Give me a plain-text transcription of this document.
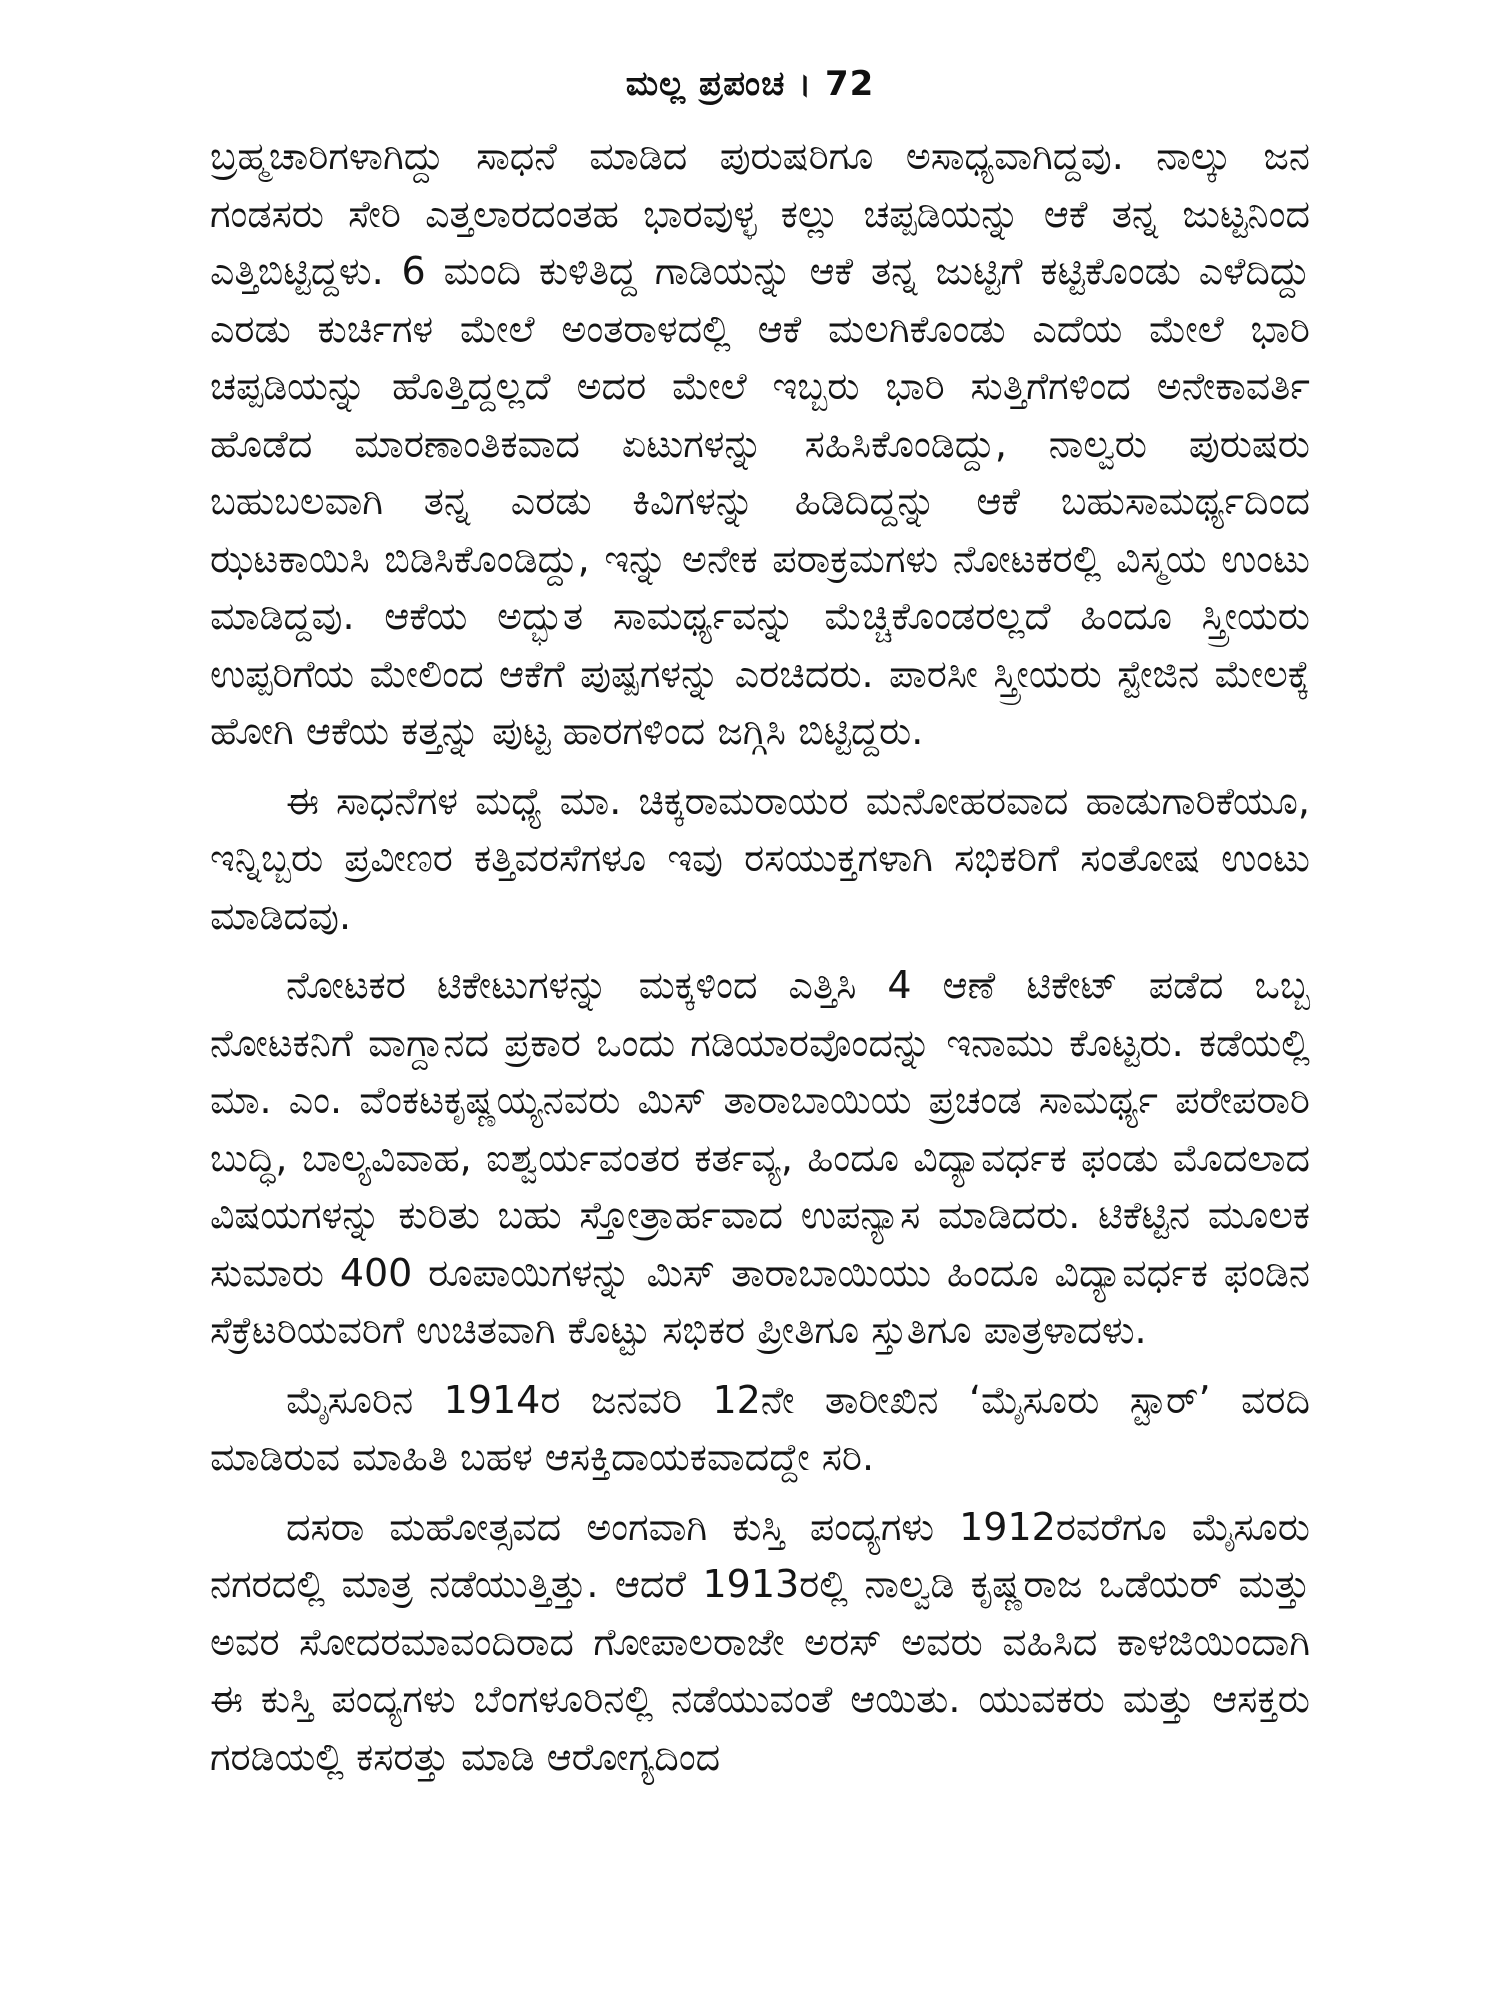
ಮಲ್ಲ ಪ್ರಪಂಚ । 72

ಬ್ರಹ್ಮಚಾರಿಗಳಾಗಿದ್ದು ಸಾಧನೆ ಮಾಡಿದ ಪುರುಷರಿಗೂ ಅಸಾಧ್ಯವಾಗಿದ್ದವು. ನಾಲ್ಕು ಜನ ಗಂಡಸರು ಸೇರಿ ಎತ್ತಲಾರದಂತಹ ಭಾರವುಳ್ಳ ಕಲ್ಲು ಚಪ್ಪಡಿಯನ್ನು ಆಕೆ ತನ್ನ ಜುಟ್ಟನಿಂದ ಎತ್ತಿಬಿಟ್ಟಿದ್ದಳು. 6 ಮಂದಿ ಕುಳಿತಿದ್ದ ಗಾಡಿಯನ್ನು ಆಕೆ ತನ್ನ ಜುಟ್ಟಿಗೆ ಕಟ್ಟಿಕೊಂಡು ಎಳೆದಿದ್ದು ಎರಡು ಕುರ್ಚಿಗಳ ಮೇಲೆ ಅಂತರಾಳದಲ್ಲಿ ಆಕೆ ಮಲಗಿಕೊಂಡು ಎದೆಯ ಮೇಲೆ ಭಾರಿ ಚಪ್ಪಡಿಯನ್ನು ಹೊತ್ತಿದ್ದಲ್ಲದೆ ಅದರ ಮೇಲೆ ಇಬ್ಬರು ಭಾರಿ ಸುತ್ತಿಗೆಗಳಿಂದ ಅನೇಕಾವರ್ತಿ ಹೊಡೆದ ಮಾರಣಾಂತಿಕವಾದ ಏಟುಗಳನ್ನು ಸಹಿಸಿಕೊಂಡಿದ್ದು, ನಾಲ್ವರು ಪುರುಷರು ಬಹುಬಲವಾಗಿ ತನ್ನ ಎರಡು ಕಿವಿಗಳನ್ನು ಹಿಡಿದಿದ್ದನ್ನು ಆಕೆ ಬಹುಸಾಮರ್ಥ್ಯದಿಂದ ಝಟಕಾಯಿಸಿ ಬಿಡಿಸಿಕೊಂಡಿದ್ದು, ಇನ್ನು ಅನೇಕ ಪರಾಕ್ರಮಗಳು ನೋಟಕರಲ್ಲಿ ವಿಸ್ಮಯ ಉಂಟು ಮಾಡಿದ್ದವು. ಆಕೆಯ ಅದ್ಭುತ ಸಾಮರ್ಥ್ಯವನ್ನು ಮೆಚ್ಚಿಕೊಂಡರಲ್ಲದೆ ಹಿಂದೂ ಸ್ತ್ರೀಯರು ಉಪ್ಪರಿಗೆಯ ಮೇಲಿಂದ ಆಕೆಗೆ ಪುಷ್ಪಗಳನ್ನು ಎರಚಿದರು. ಪಾರಸೀ ಸ್ತ್ರೀಯರು ಸ್ಟೇಜಿನ ಮೇಲಕ್ಕೆ ಹೋಗಿ ಆಕೆಯ ಕತ್ತನ್ನು ಪುಟ್ಟ ಹಾರಗಳಿಂದ ಜಗ್ಗಿಸಿ ಬಿಟ್ಟಿದ್ದರು.

ಈ ಸಾಧನೆಗಳ ಮಧ್ಯೆ ಮಾ. ಚಿಕ್ಕರಾಮರಾಯರ ಮನೋಹರವಾದ ಹಾಡುಗಾರಿಕೆಯೂ, ಇನ್ನಿಬ್ಬರು ಪ್ರವೀಣರ ಕತ್ತಿವರಸೆಗಳೂ ಇವು ರಸಯುಕ್ತಗಳಾಗಿ ಸಭಿಕರಿಗೆ ಸಂತೋಷ ಉಂಟು ಮಾಡಿದವು.

ನೋಟಕರ ಟಿಕೇಟುಗಳನ್ನು ಮಕ್ಕಳಿಂದ ಎತ್ತಿಸಿ 4 ಆಣೆ ಟಿಕೇಟ್ ಪಡೆದ ಒಬ್ಬ ನೋಟಕನಿಗೆ ವಾಗ್ದಾನದ ಪ್ರಕಾರ ಒಂದು ಗಡಿಯಾರವೊಂದನ್ನು ಇನಾಮು ಕೊಟ್ಟರು. ಕಡೆಯಲ್ಲಿ ಮಾ. ಎಂ. ವೆಂಕಟಕೃಷ್ಣಯ್ಯನವರು ಮಿಸ್ ತಾರಾಬಾಯಿಯ ಪ್ರಚಂಡ ಸಾಮರ್ಥ್ಯ ಪರೇಪರಾರಿ ಬುದ್ಧಿ, ಬಾಲ್ಯವಿವಾಹ, ಐಶ್ವರ್ಯವಂತರ ಕರ್ತವ್ಯ, ಹಿಂದೂ ವಿದ್ಯಾವರ್ಧಕ ಫಂಡು ಮೊದಲಾದ ವಿಷಯಗಳನ್ನು ಕುರಿತು ಬಹು ಸ್ತೋತ್ರಾರ್ಹವಾದ ಉಪನ್ಯಾಸ ಮಾಡಿದರು. ಟಿಕೆಟ್ಟಿನ ಮೂಲಕ ಸುಮಾರು 400 ರೂಪಾಯಿಗಳನ್ನು ಮಿಸ್ ತಾರಾಬಾಯಿಯು ಹಿಂದೂ ವಿದ್ಯಾವರ್ಧಕ ಫಂಡಿನ ಸೆಕ್ರೆಟರಿಯವರಿಗೆ ಉಚಿತವಾಗಿ ಕೊಟ್ಟು ಸಭಿಕರ ಪ್ರೀತಿಗೂ ಸ್ತುತಿಗೂ ಪಾತ್ರಳಾದಳು.

ಮೈಸೂರಿನ 1914ರ ಜನವರಿ 12ನೇ ತಾರೀಖಿನ ‘ಮೈಸೂರು ಸ್ಟಾರ್’ ವರದಿ ಮಾಡಿರುವ ಮಾಹಿತಿ ಬಹಳ ಆಸಕ್ತಿದಾಯಕವಾದದ್ದೇ ಸರಿ.

ದಸರಾ ಮಹೋತ್ಸವದ ಅಂಗವಾಗಿ ಕುಸ್ತಿ ಪಂದ್ಯಗಳು 1912ರವರೆಗೂ ಮೈಸೂರು ನಗರದಲ್ಲಿ ಮಾತ್ರ ನಡೆಯುತ್ತಿತ್ತು. ಆದರೆ 1913ರಲ್ಲಿ ನಾಲ್ವಡಿ ಕೃಷ್ಣರಾಜ ಒಡೆಯರ್ ಮತ್ತು ಅವರ ಸೋದರಮಾವಂದಿರಾದ ಗೋಪಾಲರಾಜೇ ಅರಸ್ ಅವರು ವಹಿಸಿದ ಕಾಳಜಿಯಿಂದಾಗಿ ಈ ಕುಸ್ತಿ ಪಂದ್ಯಗಳು ಬೆಂಗಳೂರಿನಲ್ಲಿ ನಡೆಯುವಂತೆ ಆಯಿತು. ಯುವಕರು ಮತ್ತು ಆಸಕ್ತರು ಗರಡಿಯಲ್ಲಿ ಕಸರತ್ತು ಮಾಡಿ ಆರೋಗ್ಯದಿಂದ
